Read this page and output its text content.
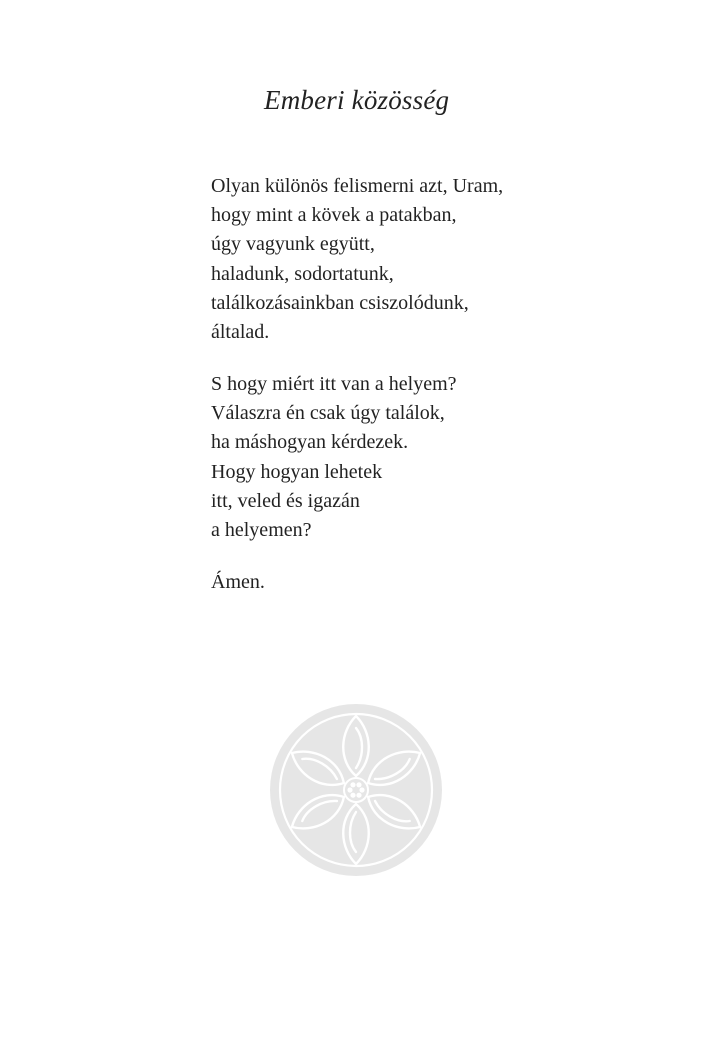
Emberi közösség
Olyan különös felismerni azt, Uram,
hogy mint a kövek a patakban,
úgy vagyunk együtt,
haladunk, sodortatunk,
találkozásainkban csiszolódunk,
általad.
S hogy miért itt van a helyem?
Válaszra én csak úgy találok,
ha máshogyan kérdezek.
Hogy hogyan lehetek
itt, veled és igazán
a helyemen?
Ámen.
